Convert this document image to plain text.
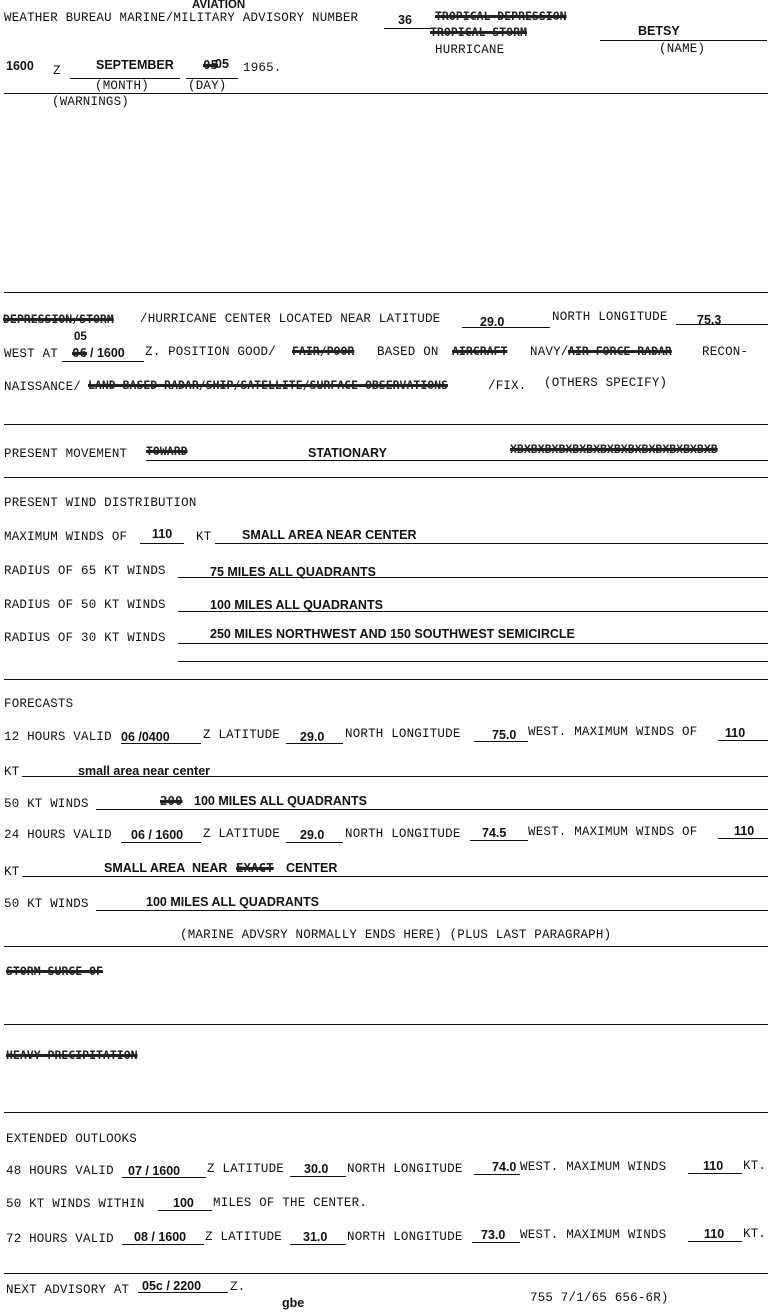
AVIATION
WEATHER BUREAU MARINE/MILITARY ADVISORY NUMBER	36 TROPICAL DEPRESSION
TROPICAL STORM
HURRICANE
BETSY
(NAME)
1600 Z	SEPTEMBER 05
05 1965.
(MONTH)	(DAY)
(WARNINGS)
DEPRESSION/STORM /HURRICANE CENTER LOCATED NEAR LATITUDE	29.0	NORTH LONGITUDE 75.3
WEST AT
05
06 / 1600 Z. POSITION GOOD/ FAIR/POOR BASED ON AIRCRAFT NAVY/ AIR FORCE RADAR RECON-
NAISSANCE/ LAND BASED RADAR/SHIP/SATELLITE/SURFACE OBSERVATIONS	/FIX. (OTHERS SPECIFY)
PRESENT MOVEMENT TOWARD	STATIONARY	XBXBXBXBXBXBXBXBXBXBXBXBXBXBXB
PRESENT WIND DISTRIBUTION
MAXIMUM WINDS OF 110 KT SMALL AREA NEAR CENTER
RADIUS OF 65 KT WINDS	75 MILES ALL QUADRANTS
RADIUS OF 50 KT WINDS	100 MILES ALL QUADRANTS
RADIUS OF 30 KT WINDS	250 MILES NORTHWEST AND 150 SOUTHWEST SEMICIRCLE
FORECASTS
12 HOURS VALID 06 /0400	Z LATITUDE 29.0 NORTH LONGITUDE	75.0 WEST. MAXIMUM WINDS OF 110
KT	small area near center
50 KT WINDS	200 100 MILES ALL QUADRANTS
24 HOURS VALID 06 / 1600 Z LATITUDE 29.0 NORTH LONGITUDE 74.5 WEST. MAXIMUM WINDS OF	110
KT	SMALL AREA NEAR EXACT CENTER
50 KT WINDS	100 MILES ALL QUADRANTS
(MARINE ADVSRY NORMALLY ENDS HERE) (PLUS LAST PARAGRAPH)
STORM SURGE OF
HEAVY PRECIPITATION
EXTENDED OUTLOOKS
48 HOURS VALID 07 / 1600 Z LATITUDE 30.0 NORTH LONGITUDE 74.0 WEST. MAXIMUM WINDS	110 KT.
50 KT WINDS WITHIN 100 MILES OF THE CENTER.
72 HOURS VALID 08 / 1600 Z LATITUDE 31.0 NORTH LONGITUDE 73.0 WEST. MAXIMUM WINDS	110 KT.
NEXT ADVISORY AT 05c / 2200 Z.
gbe	755 7/1/65 656-6R)
